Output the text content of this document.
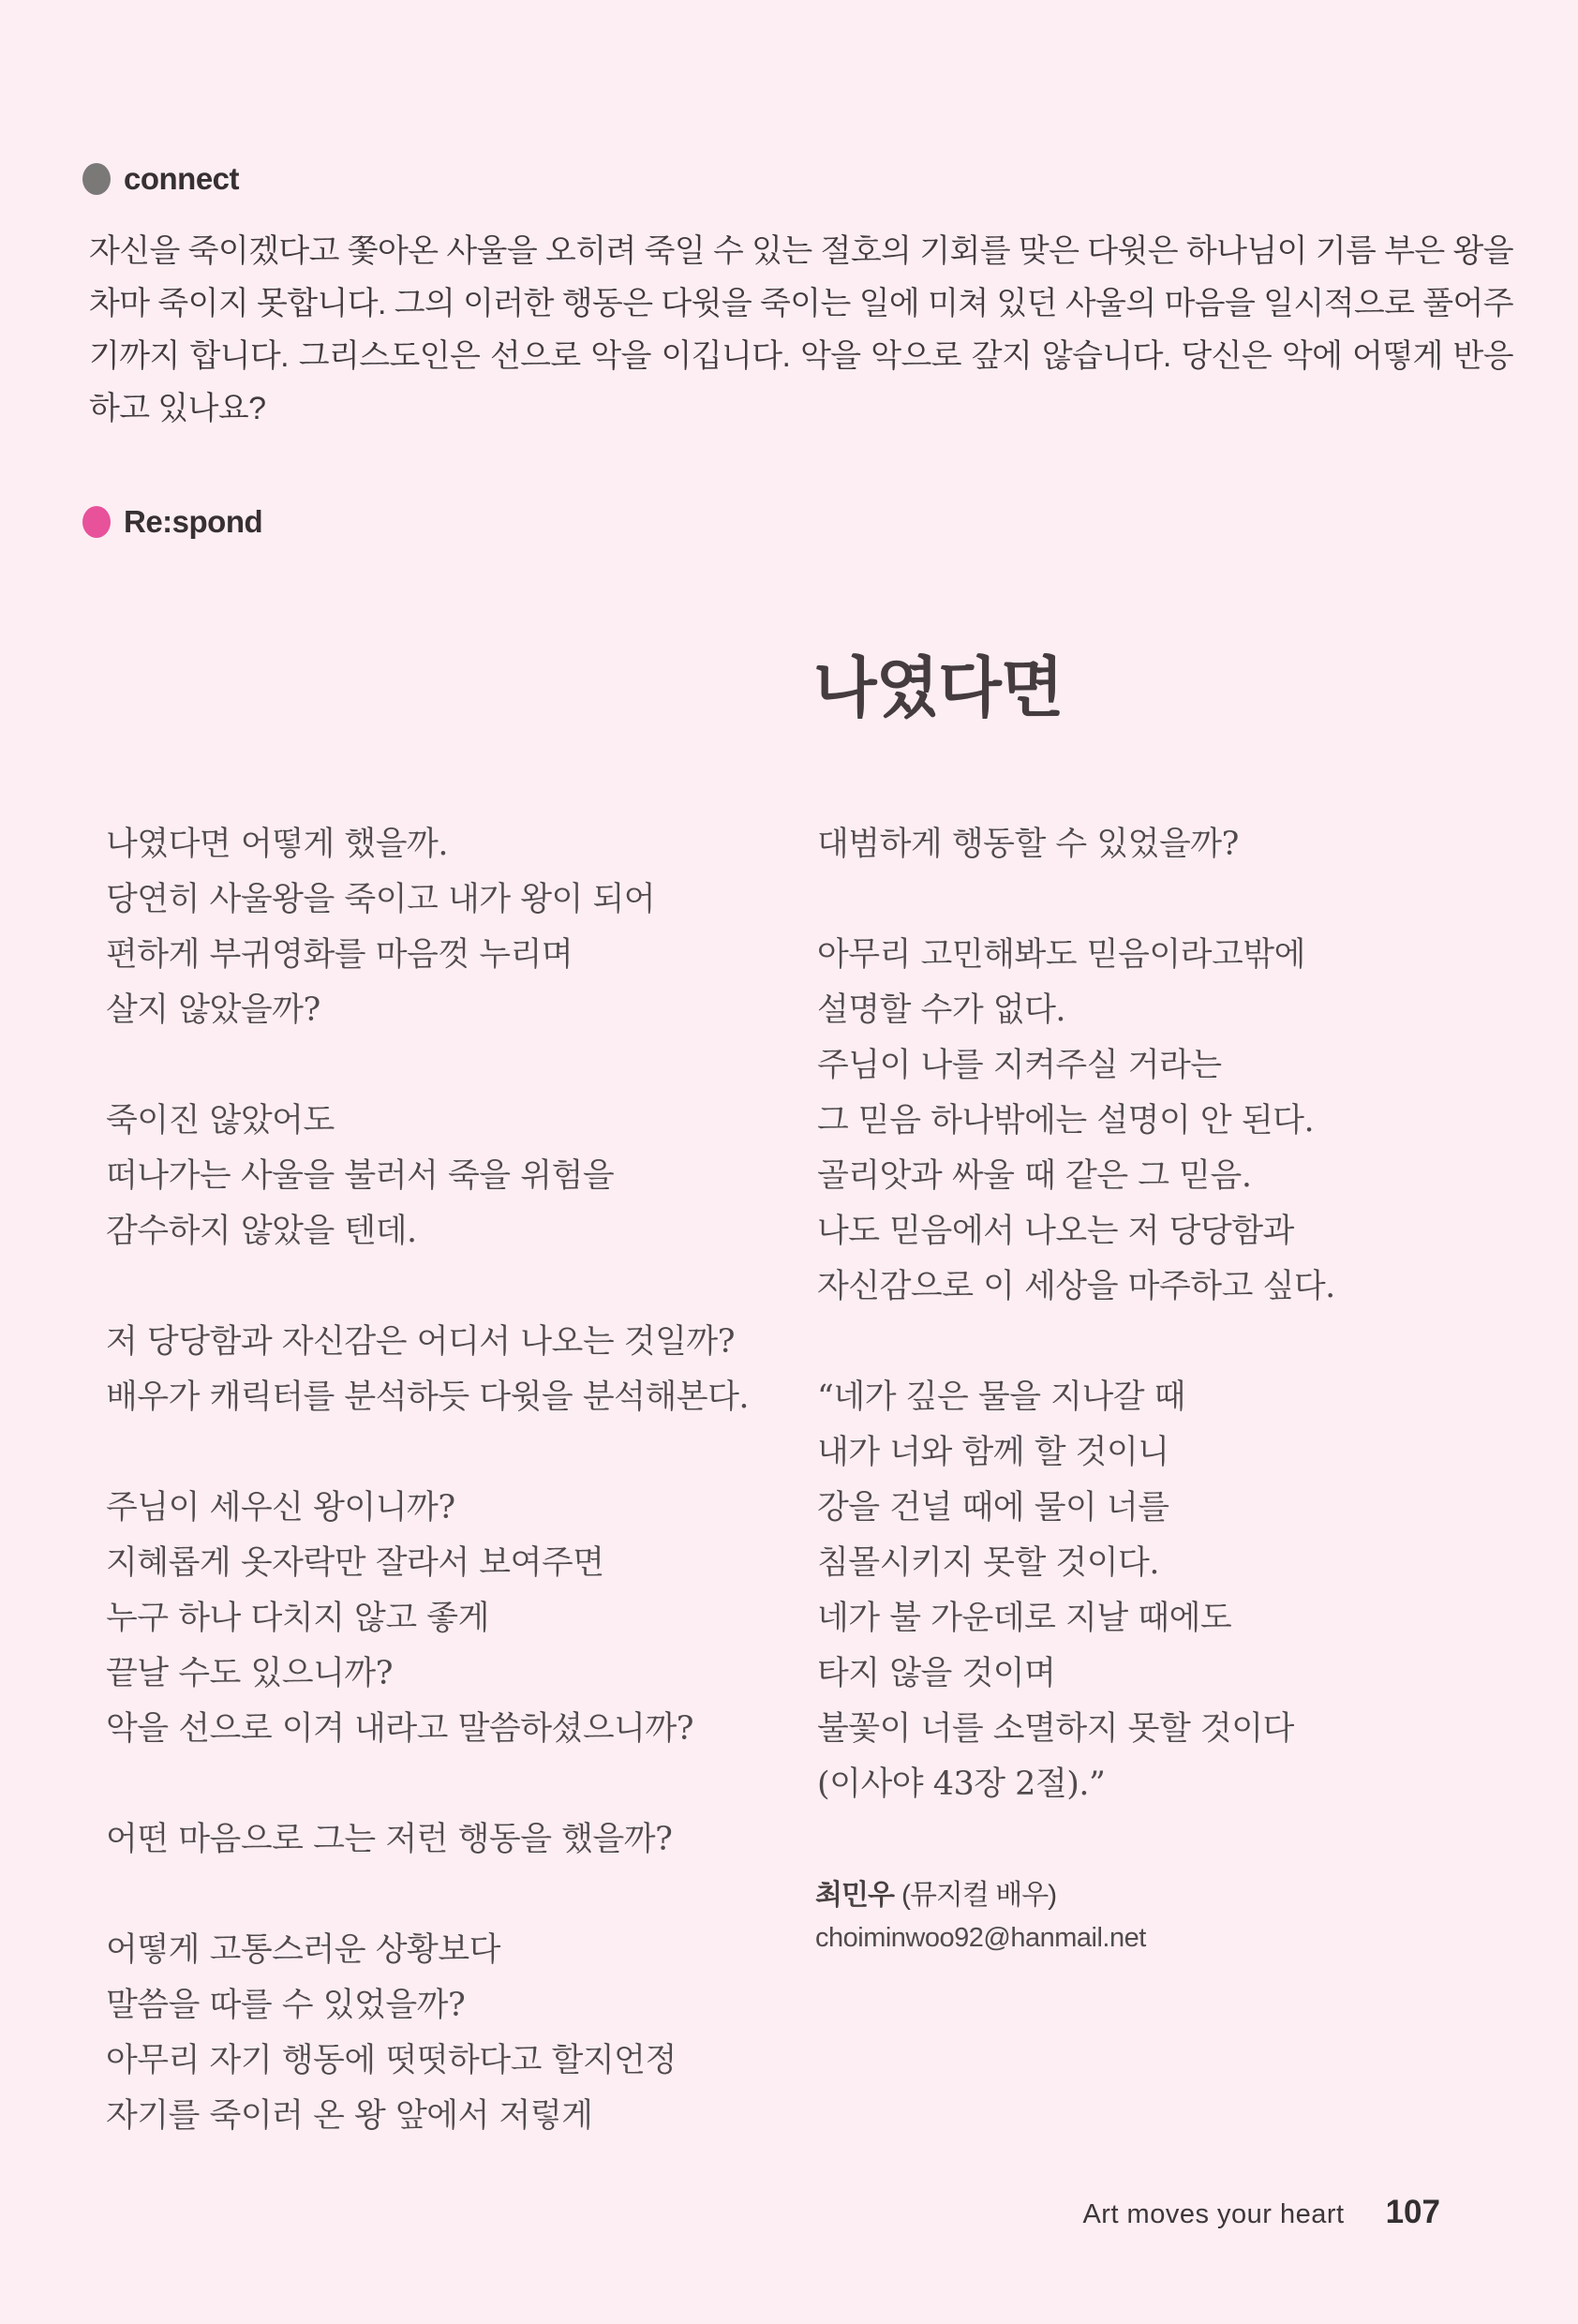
connect

자신을 죽이겠다고 쫓아온 사울을 오히려 죽일 수 있는 절호의 기회를 맞은 다윗은 하나님이 기름 부은 왕을 차마 죽이지 못합니다. 그의 이러한 행동은 다윗을 죽이는 일에 미쳐 있던 사울의 마음을 일시적으로 풀어주기까지 합니다. 그리스도인은 선으로 악을 이깁니다. 악을 악으로 갚지 않습니다. 당신은 악에 어떻게 반응하고 있나요?

Re:spond
나였다면

나였다면 어떻게 했을까.

당연히 사울왕을 죽이고 내가 왕이 되어

편하게 부귀영화를 마음껏 누리며

살지 않았을까?

죽이진 않았어도

떠나가는 사울을 불러서 죽을 위험을

감수하지 않았을 텐데.

저 당당함과 자신감은 어디서 나오는 것일까?

배우가 캐릭터를 분석하듯 다윗을 분석해본다.

주님이 세우신 왕이니까?

지혜롭게 옷자락만 잘라서 보여주면

누구 하나 다치지 않고 좋게

끝날 수도 있으니까?

악을 선으로 이겨 내라고 말씀하셨으니까?

어떤 마음으로 그는 저런 행동을 했을까?

어떻게 고통스러운 상황보다

말씀을 따를 수 있었을까?

아무리 자기 행동에 떳떳하다고 할지언정

자기를 죽이러 온 왕 앞에서 저렇게

대범하게 행동할 수 있었을까?

아무리 고민해봐도 믿음이라고밖에

설명할 수가 없다.

주님이 나를 지켜주실 거라는

그 믿음 하나밖에는 설명이 안 된다.

골리앗과 싸울 때 같은 그 믿음.

나도 믿음에서 나오는 저 당당함과

자신감으로 이 세상을 마주하고 싶다.

“네가 깊은 물을 지나갈 때

내가 너와 함께 할 것이니

강을 건널 때에 물이 너를

침몰시키지 못할 것이다.

네가 불 가운데로 지날 때에도

타지 않을 것이며

불꽃이 너를 소멸하지 못할 것이다

(이사야 43장 2절).”

최민우 (뮤지컬 배우)
choiminwoo92@hanmail.net
Art moves your heart 107
